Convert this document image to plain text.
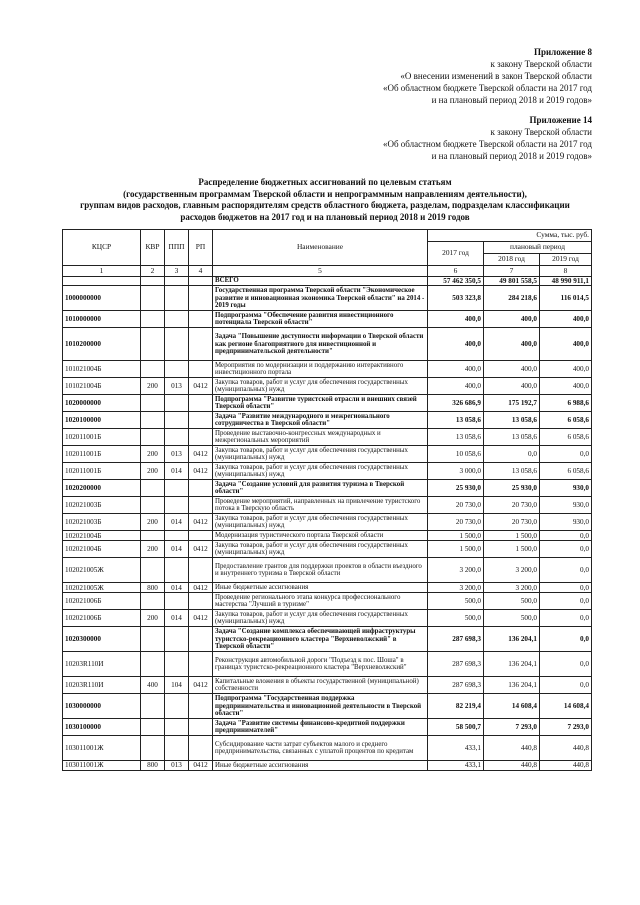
Приложение 8
к закону Тверской области
«О внесении изменений в закон Тверской области
«Об областном бюджете Тверской области на 2017 год
и на плановый период 2018 и 2019 годов»
Приложение 14
к закону Тверской области
«Об областном бюджете Тверской области на 2017 год
и на плановый период 2018 и 2019 годов»
Распределение бюджетных ассигнований по целевым статьям
(государственным программам Тверской области и непрограммным направлениям деятельности),
группам видов расходов, главным распорядителям средств областного бюджета, разделам, подразделам классификации
расходов бюджетов на 2017 год и на плановый период 2018 и 2019 годов
КЦСР	КВР	ППП	РП	Наименование	Сумма, тыс. руб.		
					2017 год	плановый период	
						2018 год	2019 год
1	2	3	4	5	6	7	8
				ВСЕГО	57 462 350,5	49 801 558,5	48 990 911,1
1000000000				Государственная программа Тверской области "Экономическое развитие и инновационная экономика Тверской области" на 2014 - 2019 годы	503 323,8	284 218,6	116 014,5
1010000000				Подпрограмма "Обеспечение развития инвестиционного потенциала Тверской области"	400,0	400,0	400,0
1010200000				Задача "Повышение доступности информации о Тверской области как регионе благоприятного для инвестиционной и предпринимательской деятельности"	400,0	400,0	400,0
101021004Б				Мероприятия по модернизации и поддержанию интерактивного инвестиционного портала	400,0	400,0	400,0
101021004Б	200	013	0412	Закупка товаров, работ и услуг для обеспечения государственных (муниципальных) нужд	400,0	400,0	400,0
1020000000				Подпрограмма "Развитие туристской отрасли и внешних связей Тверской области"	326 686,9	175 192,7	6 988,6
1020100000				Задача "Развитие международного и межрегионального сотрудничества в Тверской области"	13 058,6	13 058,6	6 058,6
102011001Б				Проведение выставочно-конгрессных международных и межрегиональных мероприятий	13 058,6	13 058,6	6 058,6
102011001Б	200	013	0412	Закупка товаров, работ и услуг для обеспечения государственных (муниципальных) нужд	10 058,6	0,0	0,0
102011001Б	200	014	0412	Закупка товаров, работ и услуг для обеспечения государственных (муниципальных) нужд	3 000,0	13 058,6	6 058,6
1020200000				Задача "Создание условий для развития туризма в Тверской области"	25 930,0	25 930,0	930,0
102021003Б				Проведение мероприятий, направленных на привлечение туристского потока в Тверскую область	20 730,0	20 730,0	930,0
102021003Б	200	014	0412	Закупка товаров, работ и услуг для обеспечения государственных (муниципальных) нужд	20 730,0	20 730,0	930,0
102021004Б				Модернизация туристического портала Тверской области	1 500,0	1 500,0	0,0
102021004Б	200	014	0412	Закупка товаров, работ и услуг для обеспечения государственных (муниципальных) нужд	1 500,0	1 500,0	0,0
102021005Ж				Предоставление грантов для поддержки проектов в области въездного и внутреннего туризма в Тверской области	3 200,0	3 200,0	0,0
102021005Ж	800	014	0412	Иные бюджетные ассигнования	3 200,0	3 200,0	0,0
102021006Б				Проведение регионального этапа конкурса профессионального мастерства "Лучший в туризме"	500,0	500,0	0,0
102021006Б	200	014	0412	Закупка товаров, работ и услуг для обеспечения государственных (муниципальных) нужд	500,0	500,0	0,0
1020300000				Задача "Создание комплекса обеспечивающей инфраструктуры туристско-рекреационного кластера "Верхневолжский" в Тверской области"	287 698,3	136 204,1	0,0
10203R110И				Реконструкция автомобильной дороги "Подъезд к пос. Шоша" в границах туристско-рекреационного кластера "Верхневолжский"	287 698,3	136 204,1	0,0
10203R110И	400	104	0412	Капитальные вложения в объекты государственной (муниципальной) собственности	287 698,3	136 204,1	0,0
1030000000				Подпрограмма "Государственная поддержка предпринимательства и инновационной деятельности в Тверской области"	82 219,4	14 608,4	14 608,4
1030100000				Задача "Развитие системы финансово-кредитной поддержки предпринимателей"	58 500,7	7 293,0	7 293,0
103011001Ж				Субсидирование части затрат субъектов малого и среднего предпринимательства, связанных с уплатой процентов по кредитам	433,1	440,8	440,8
103011001Ж	800	013	0412	Иные бюджетные ассигнования	433,1	440,8	440,8
